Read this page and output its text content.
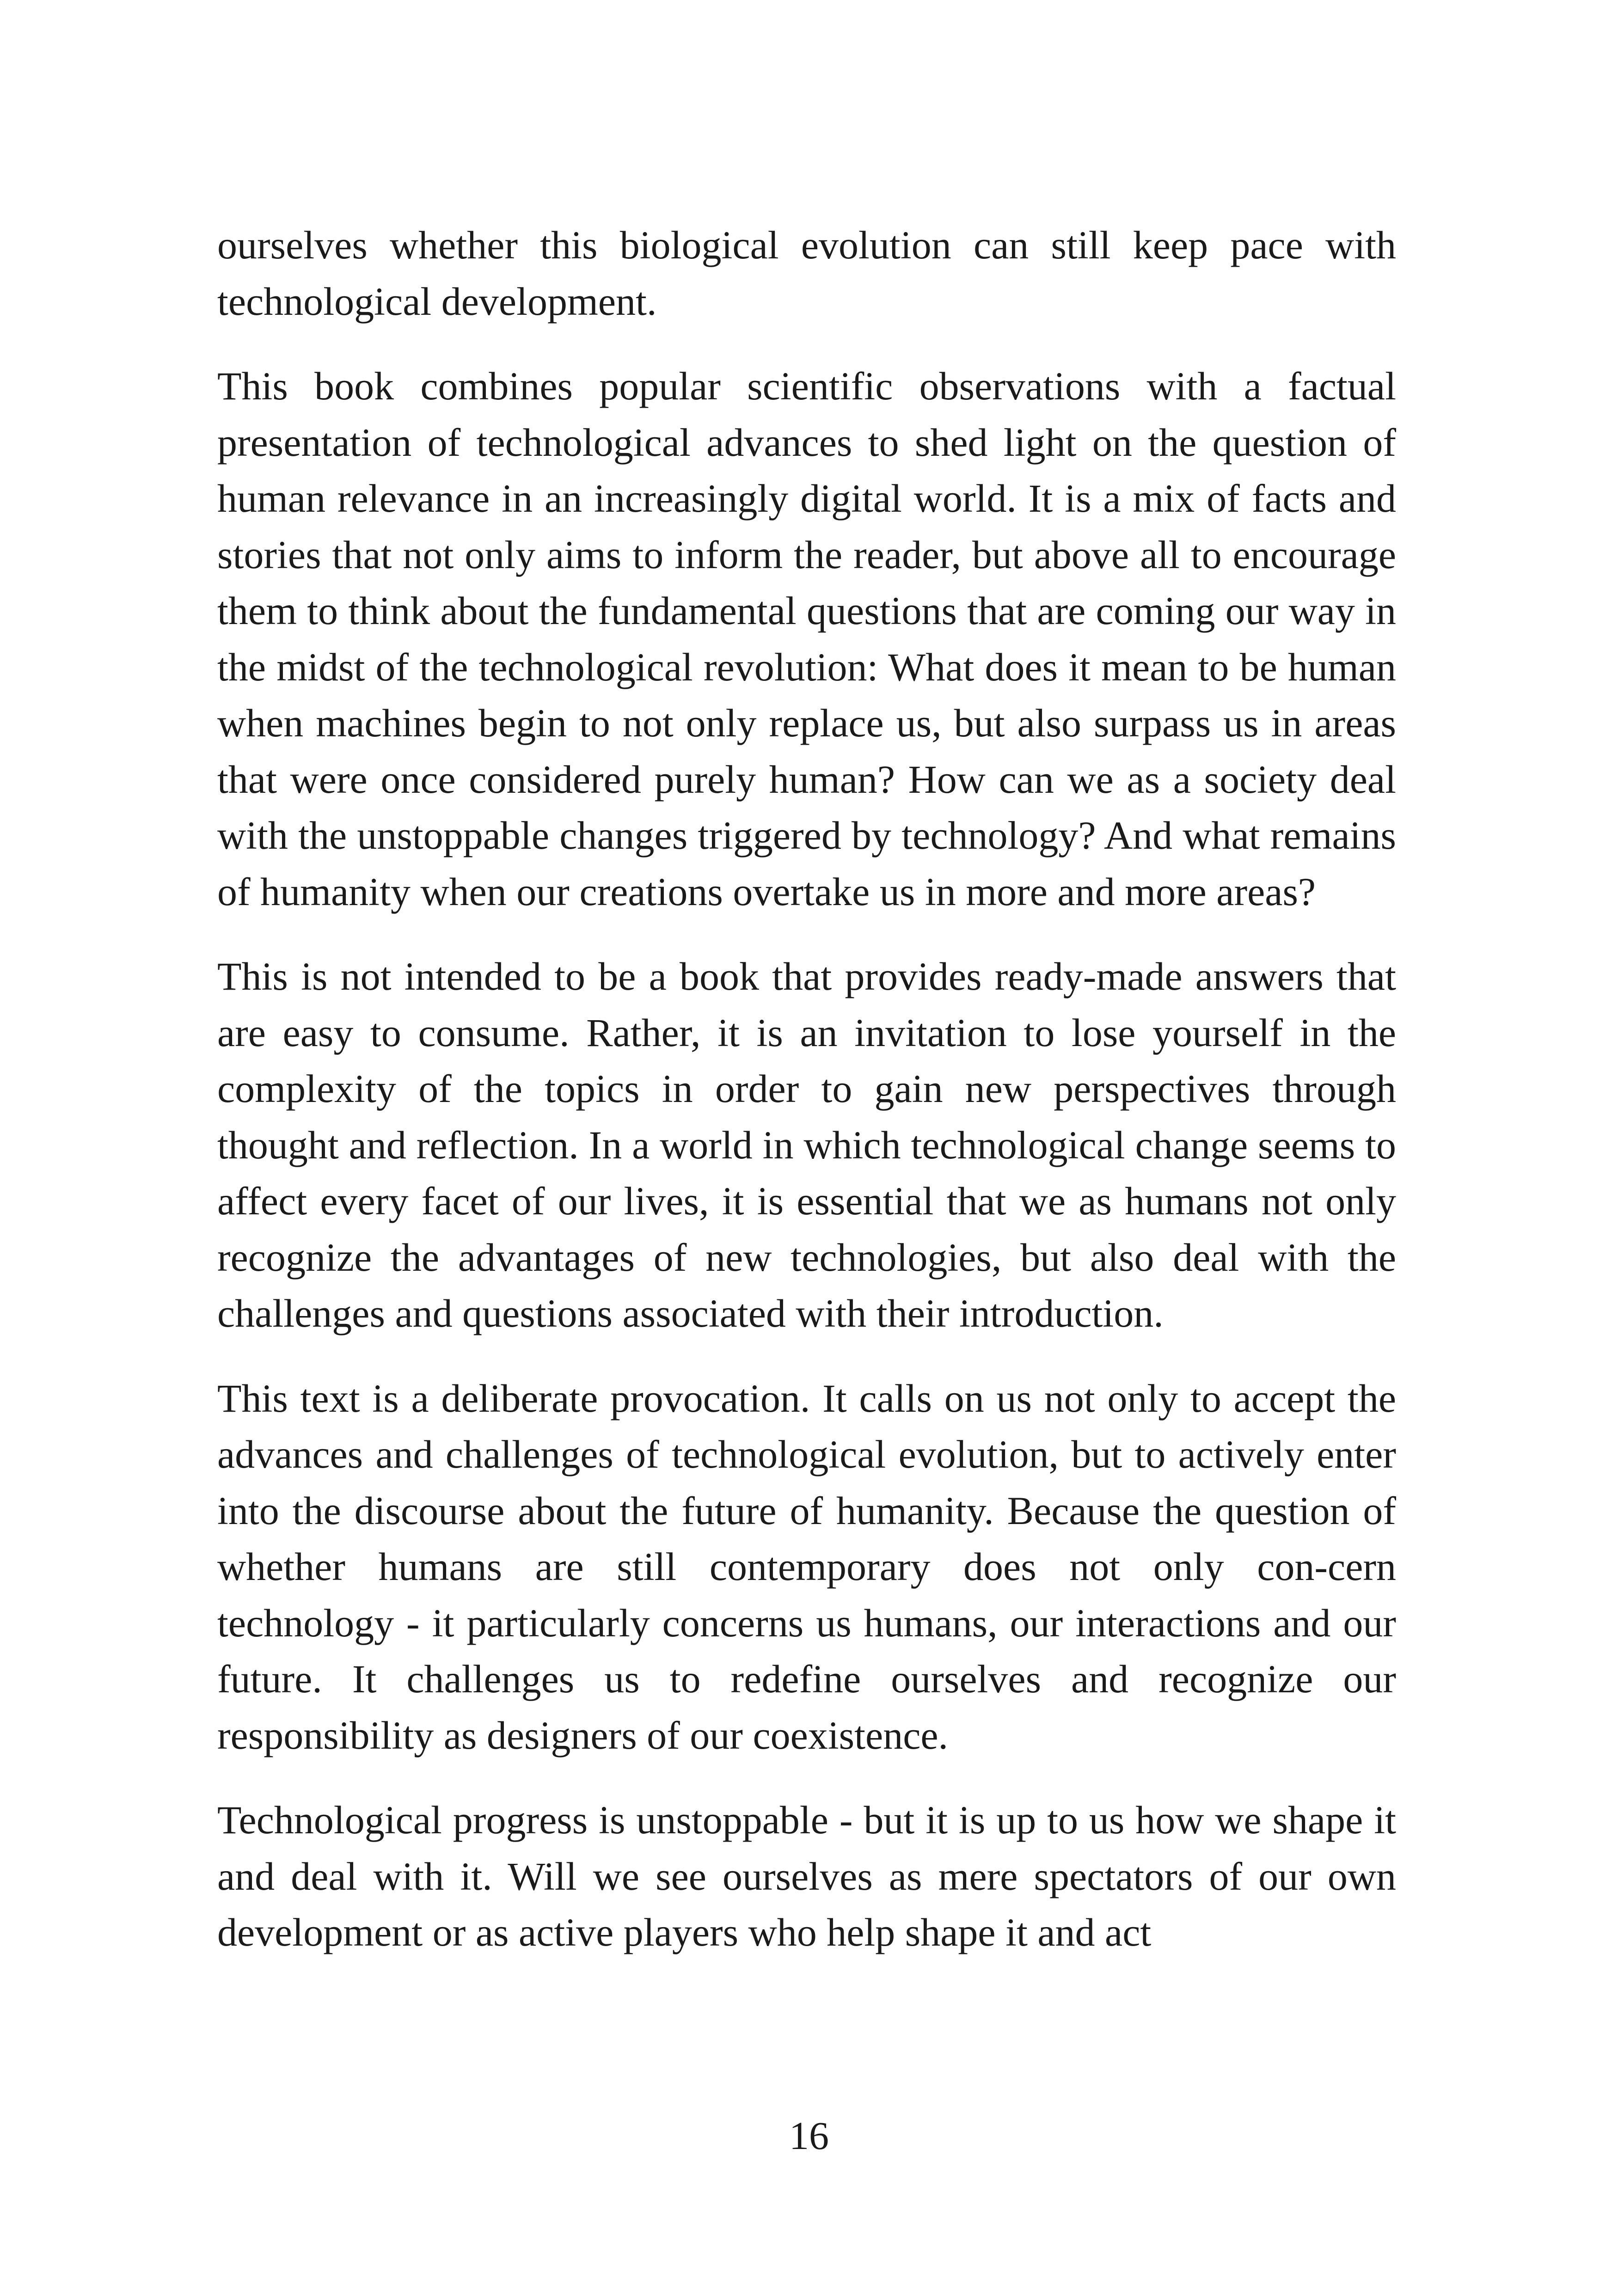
ourselves whether this biological evolution can still keep pace with technological development.

This book combines popular scientific observations with a factual presentation of technological advances to shed light on the question of human relevance in an increasingly digital world. It is a mix of facts and stories that not only aims to inform the reader, but above all to encourage them to think about the fundamental questions that are coming our way in the midst of the technological revolution: What does it mean to be human when machines begin to not only replace us, but also surpass us in areas that were once considered purely human? How can we as a society deal with the unstoppable changes triggered by technology? And what remains of humanity when our creations overtake us in more and more areas?

This is not intended to be a book that provides ready-made answers that are easy to consume. Rather, it is an invitation to lose yourself in the complexity of the topics in order to gain new perspectives through thought and reflection. In a world in which technological change seems to affect every facet of our lives, it is essential that we as humans not only recognize the advantages of new technologies, but also deal with the challenges and questions associated with their introduction.

This text is a deliberate provocation. It calls on us not only to accept the advances and challenges of technological evolution, but to actively enter into the discourse about the future of humanity. Because the question of whether humans are still contemporary does not only con-cern technology - it particularly concerns us humans, our interactions and our future. It challenges us to redefine ourselves and recognize our responsibility as designers of our coexistence.

Technological progress is unstoppable - but it is up to us how we shape it and deal with it. Will we see ourselves as mere spectators of our own development or as active players who help shape it and act

16
